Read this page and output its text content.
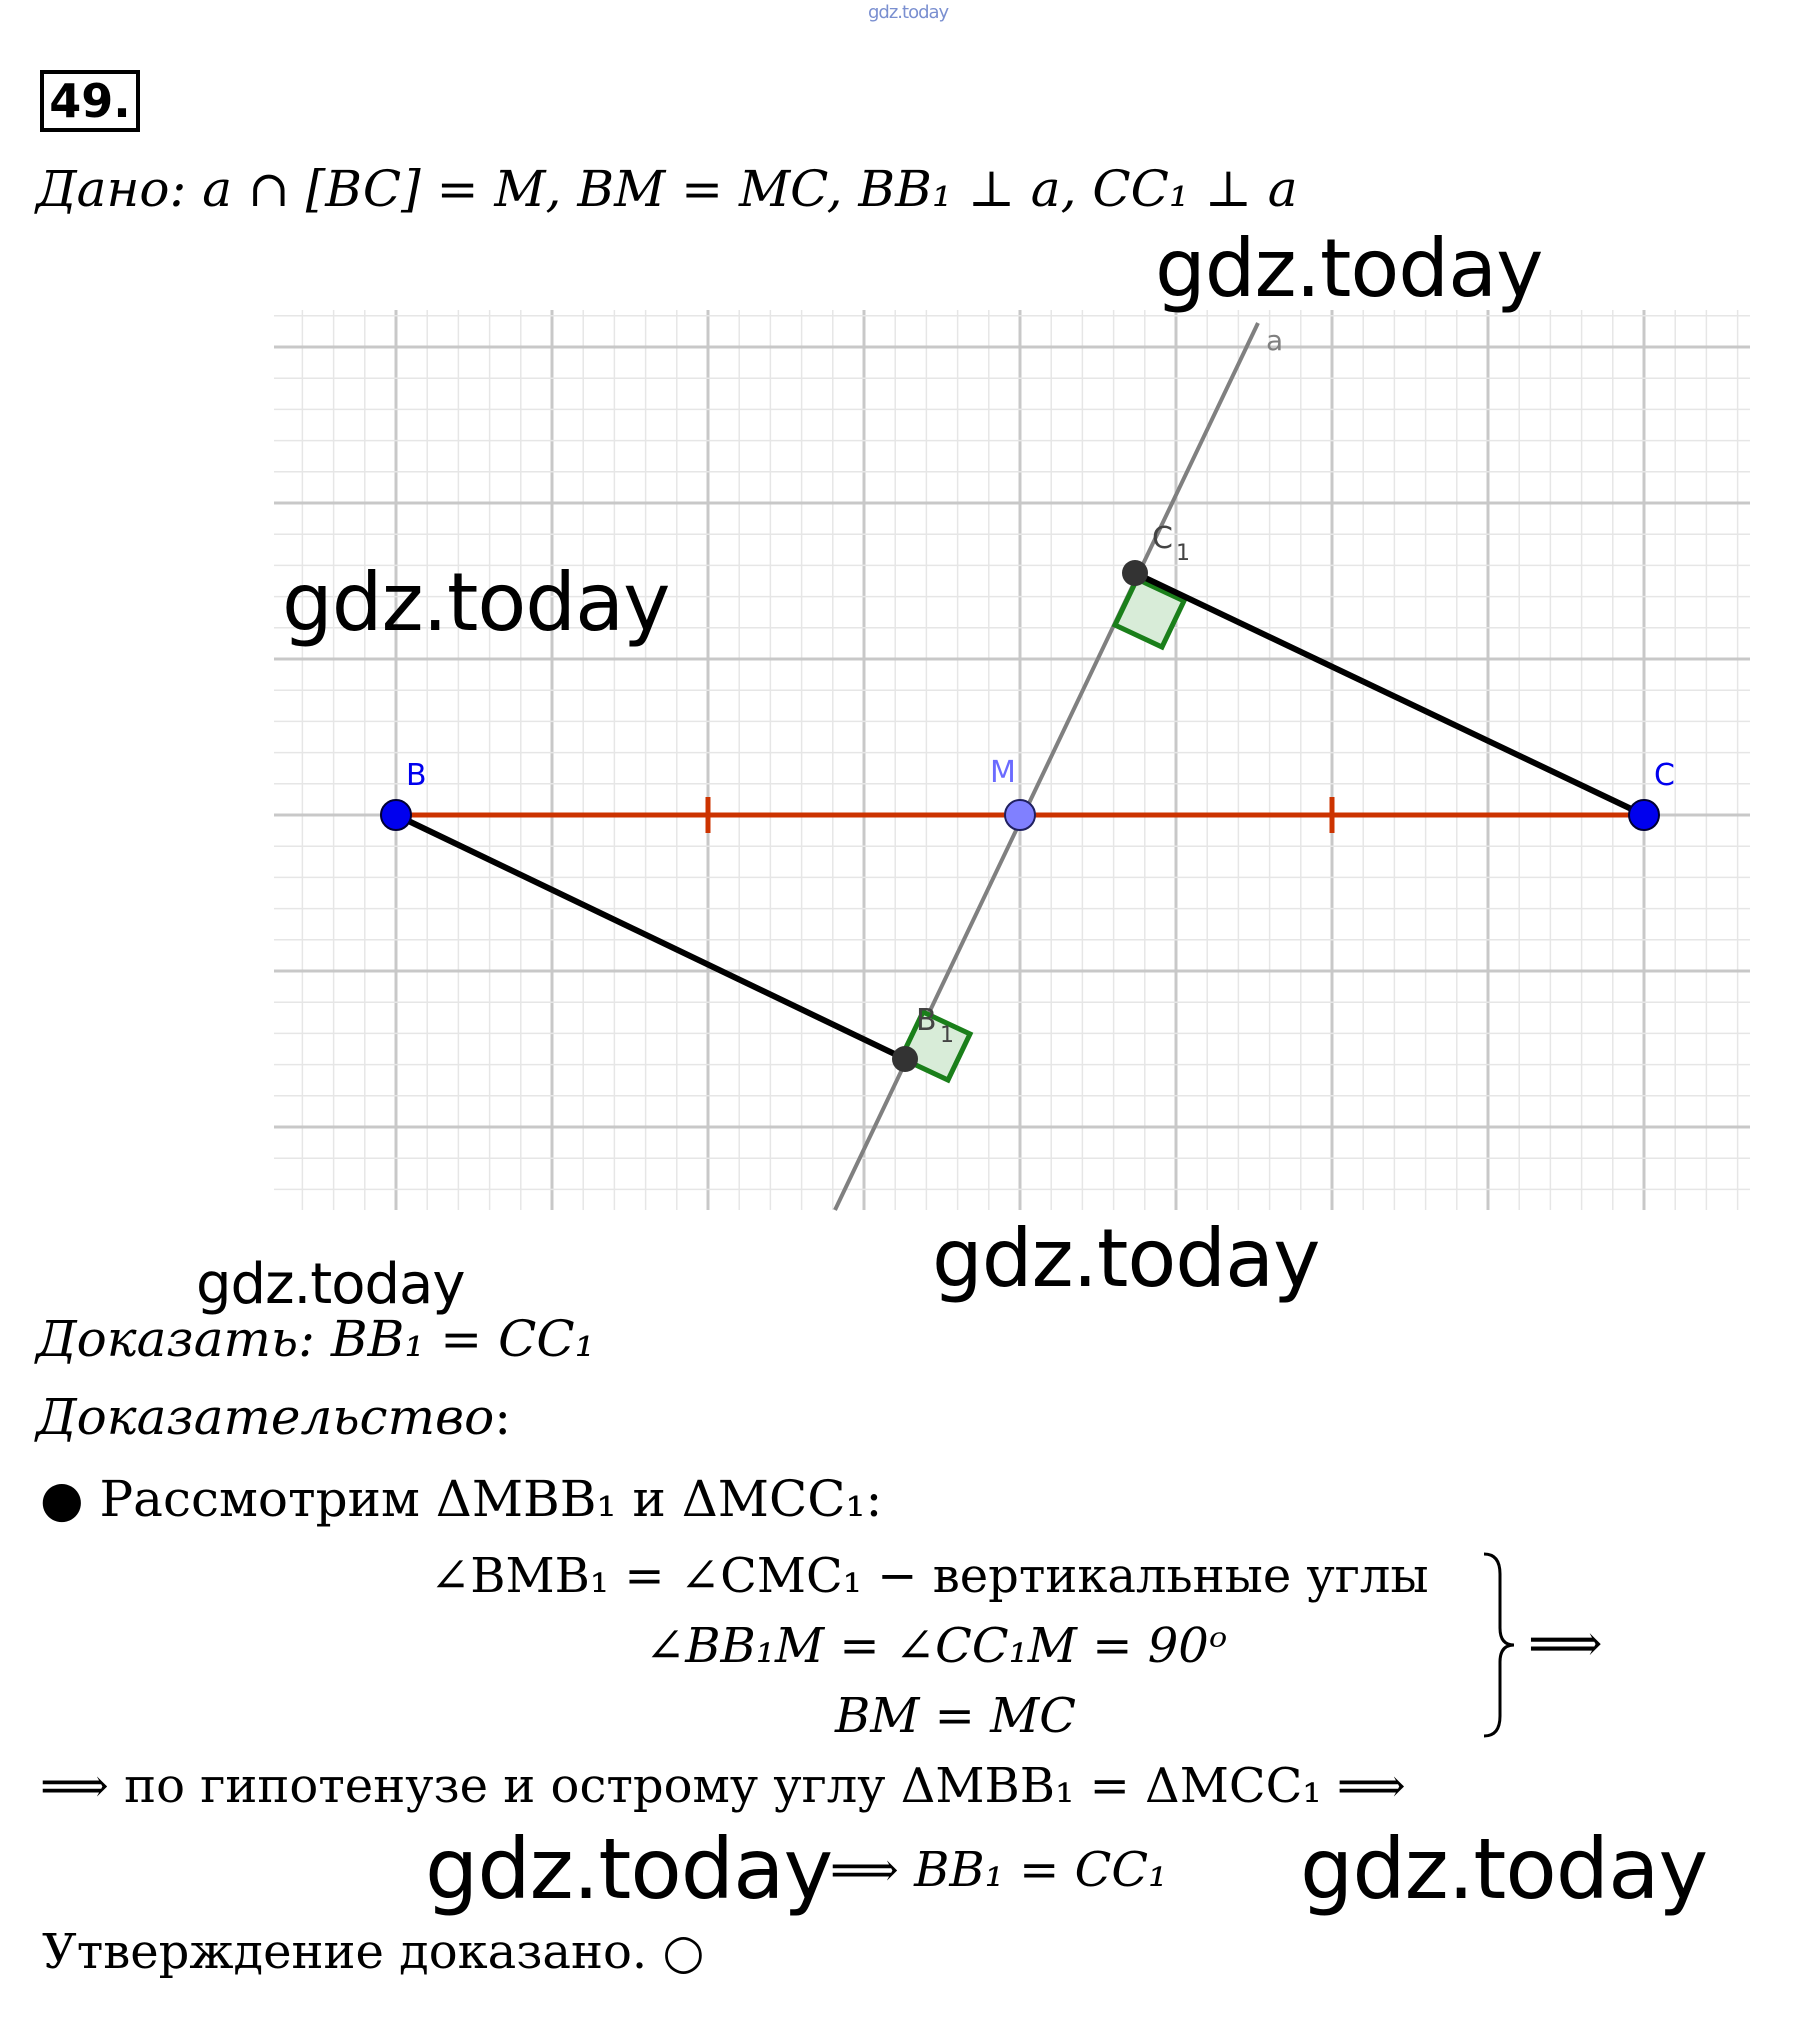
gdz.today
49.
Дано: a ∩ [BC] = M, BM = MC, BB₁ ⊥ a, CC₁ ⊥ a
B	M	C
C 1
B 1
a
gdz.today
gdz.today
gdz.today
gdz.today
Доказать: BB₁ = CC₁
Доказательство:
● Рассмотрим ΔMBB₁ и ΔMCC₁:
∠BMB₁ = ∠CMC₁ − вертикальные углы
∠BB₁M = ∠CC₁M = 90ᵒ
BM = MC
⟹
⟹ по гипотенузе и острому углу ΔMBB₁ = ΔMCC₁ ⟹
gdz.today
⟹ BB₁ = CC₁ gdz.today
Утверждение доказано. ○
